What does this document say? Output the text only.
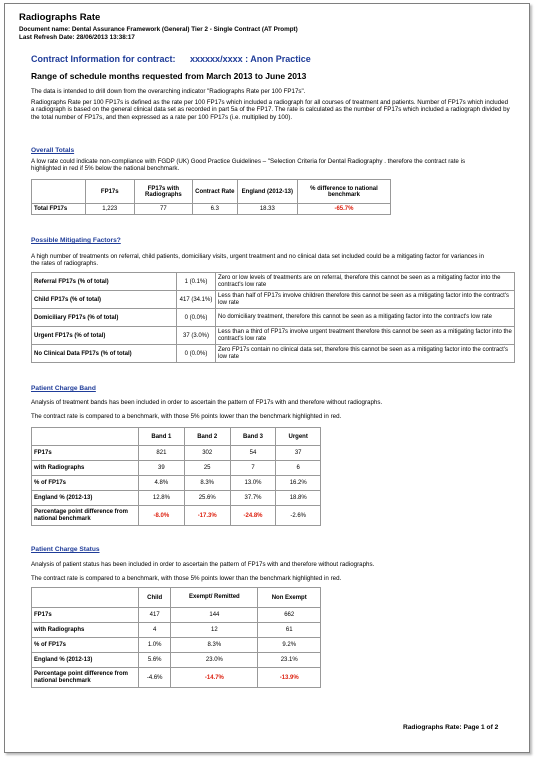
Radiographs Rate
Document name: Dental Assurance Framework (General) Tier 2 - Single Contract (AT Prompt)
Last Refresh Date: 28/06/2013 13:38:17
Contract Information for contract: xxxxxx/xxxx : Anon Practice
Range of schedule months requested from March 2013 to June 2013
The data is intended to drill down from the overarching indicator "Radiographs Rate per 100 FP17s".
Radiographs Rate per 100 FP17s is defined as the rate per 100 FP17s which included a radiograph for all courses of treatment and patients. Number of FP17s which included a radiograph is based on the general clinical data set as recorded in part 5a of the FP17. The rate is calculated as the number of FP17s which included a radiograph divided by the total number of FP17s, and then expressed as a rate per 100 FP17s (i.e. multiplied by 100).
Overall Totals
A low rate could indicate non-compliance with FGDP (UK) Good Practice Guidelines – "Selection Criteria for Dental Radiography . therefore the contract rate is highlighted in red if 5% below the national benchmark.
	FP17s	FP17s with Radiographs	Contract Rate	England (2012-13)	% difference to national benchmark
Total FP17s	1,223	77	6.3	18.33	-65.7%
Possible Mitigating Factors?
A high number of treatments on referral, child patients, domiciliary visits, urgent treatment and no clinical data set included could be a mitigating factor for variances in the rates of radiographs.
Referral FP17s (% of total)	1 (0.1%)	Zero or low levels of treatments are on referral, therefore this cannot be seen as a mitigating factor into the contract's low rate
Child FP17s (% of total)	417 (34.1%)	Less than half of FP17s involve children therefore this cannot be seen as a mitigating factor into the contract's low rate
Domiciliary FP17s (% of total)	0 (0.0%)	No domiciliary treatment, therefore this cannot be seen as a mitigating factor into the contract's low rate
Urgent FP17s (% of total)	37 (3.0%)	Less than a third of FP17s involve urgent treatment therefore this cannot be seen as a mitigating factor into the contract's low rate
No Clinical Data FP17s (% of total)	0 (0.0%)	Zero FP17s contain no clinical data set, therefore this cannot be seen as a mitigating factor into the contract's low rate
Patient Charge Band
Analysis of treatment bands has been included in order to ascertain the pattern of FP17s with and therefore without radiographs.
The contract rate is compared to a benchmark, with those 5% points lower than the benchmark highlighted in red.
	Band 1	Band 2	Band 3	Urgent
FP17s	821	302	54	37
with Radiographs	39	25	7	6
% of FP17s	4.8%	8.3%	13.0%	16.2%
England % (2012-13)	12.8%	25.6%	37.7%	18.8%
Percentage point difference from national benchmark	-8.0%	-17.3%	-24.8%	-2.6%
Patient Charge Status
Analysis of patient status has been included in order to ascertain the pattern of FP17s with and therefore without radiographs.
The contract rate is compared to a benchmark, with those 5% points lower than the benchmark highlighted in red.
	Child	Exempt/ Remitted	Non Exempt
FP17s	417	144	662
with Radiographs	4	12	61
% of FP17s	1.0%	8.3%	9.2%
England % (2012-13)	5.6%	23.0%	23.1%
Percentage point difference from national benchmark	-4.6%	-14.7%	-13.9%
Radiographs Rate: Page 1 of 2
